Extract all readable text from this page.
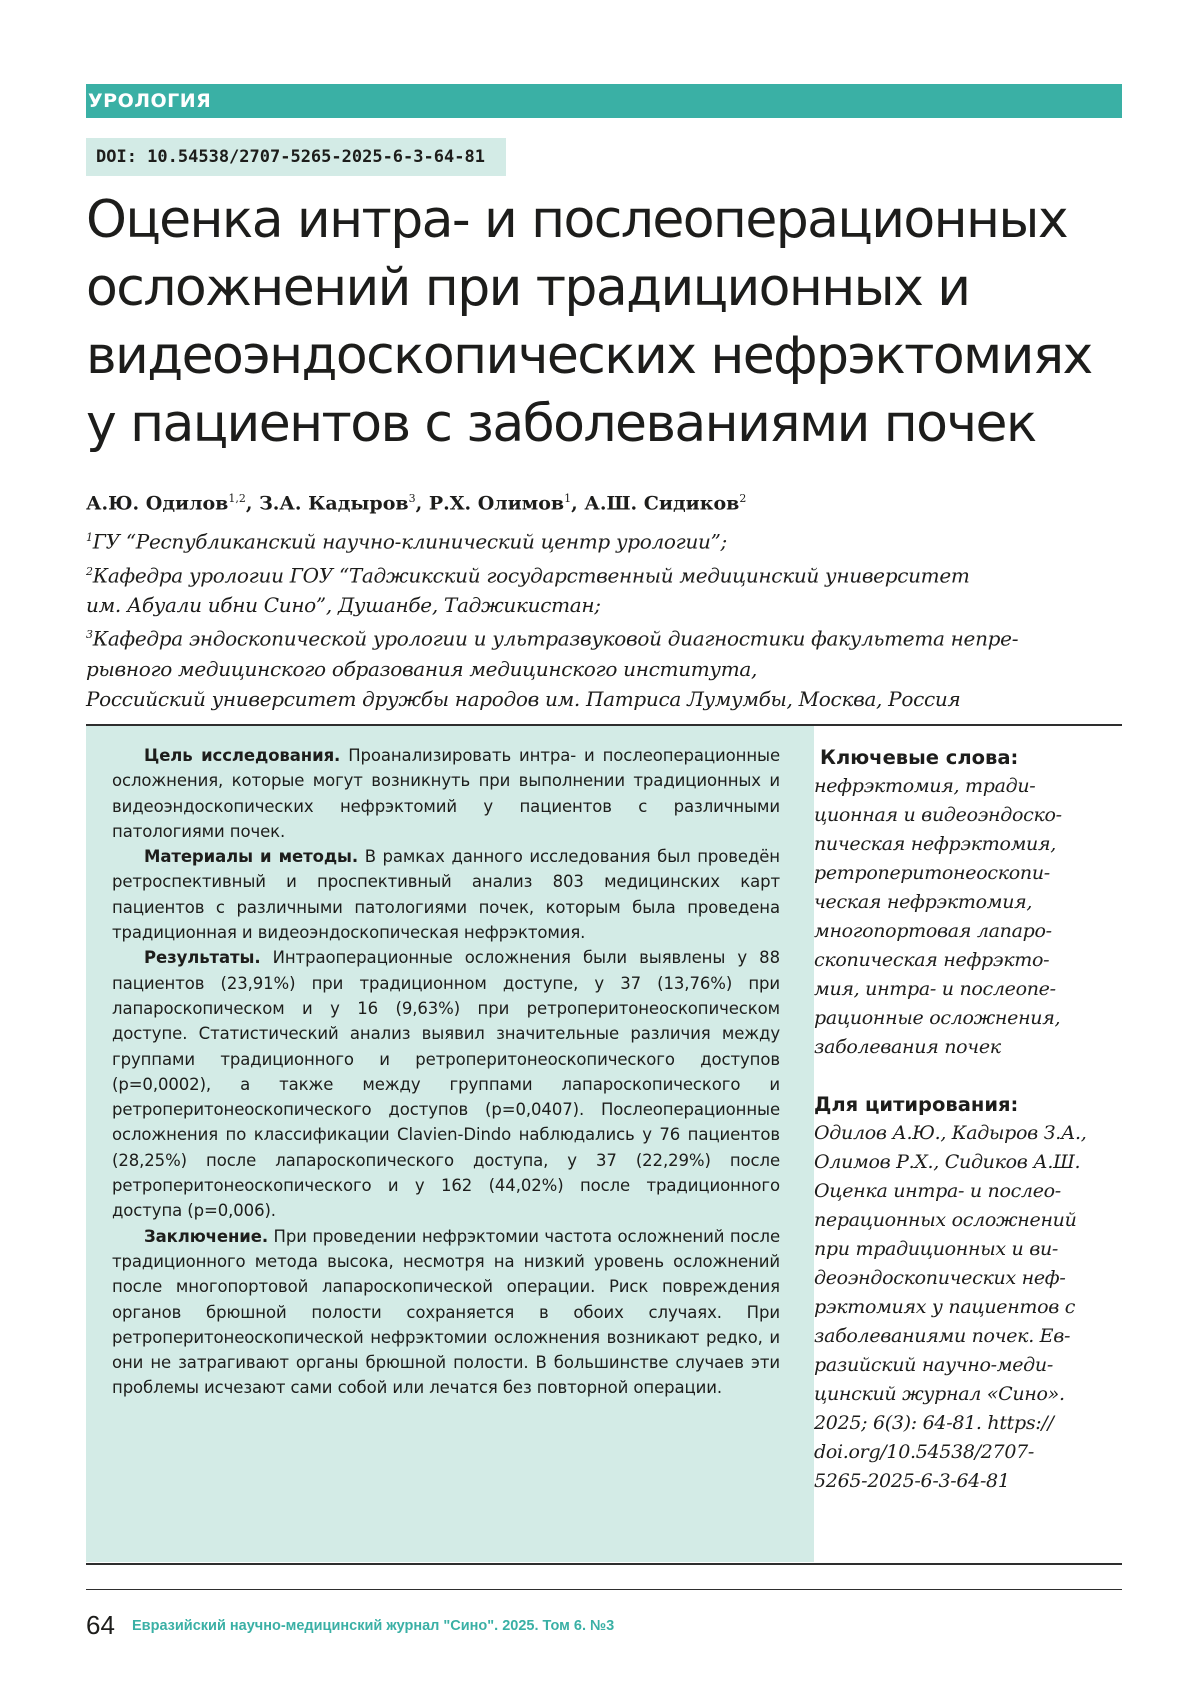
УРОЛОГИЯ
DOI: 10.54538/2707-5265-2025-6-3-64-81
Оценка интра- и послеоперационных
осложнений при традиционных и
видеоэндоскопических нефрэктомиях
у пациентов с заболеваниями почек
А.Ю. Одилов$^{1,2}$, З.А. Кадыров$^3$, Р.Х. Олимов$^1$, А.Ш. Сидиков$^2$
$^1$ГУ “Республиканский научно-клинический центр урологии”;
$^2$Кафедра урологии ГОУ “Таджикский государственный медицинский университет
им. Абуали ибни Сино”, Душанбе, Таджикистан;
$^3$Кафедра эндоскопической урологии и ультразвуковой диагностики факультета непре-
рывного медицинского образования медицинского института,
Российский университет дружбы народов им. Патриса Лумумбы, Москва, Россия

Цель исследования. Проанализировать интра- и послеоперационные осложнения, которые могут возникнуть при выполнении традиционных и видеоэндоскопических нефрэктомий у пациентов с различными патологиями почек.

Материалы и методы. В рамках данного исследования был проведён ретроспективный и проспективный анализ 803 медицинских карт пациентов с различными патологиями почек, которым была проведена традиционная и видеоэндоскопическая нефрэктомия.

Результаты. Интраоперационные осложнения были выявлены у 88 пациентов (23,91%) при традиционном доступе, у 37 (13,76%) при лапароскопическом и у 16 (9,63%) при ретроперитонеоскопическом доступе. Статистический анализ выявил значительные различия между группами традиционного и ретроперитонеоскопического доступов (p=0,0002), а также между группами лапароскопического и ретроперитонеоскопического доступов (p=0,0407). Послеоперационные осложнения по классификации Clavien-Dindo наблюдались у 76 пациентов (28,25%) после лапароскопического доступа, у 37 (22,29%) после ретроперитонеоскопического и у 162 (44,02%) после традиционного доступа (p=0,006).

Заключение. При проведении нефрэктомии частота осложнений после традиционного метода высока, несмотря на низкий уровень осложнений после многопортовой лапароскопической операции. Риск повреждения органов брюшной полости сохраняется в обоих случаях. При ретроперитонеоскопической нефрэктомии осложнения возникают редко, и они не затрагивают органы брюшной полости. В большинстве случаев эти проблемы исчезают сами собой или лечатся без повторной операции.

Ключевые слова:
нефрэктомия, тради-
ционная и видеоэндоско-
пическая нефрэктомия,
ретроперитонеоскопи-
ческая нефрэктомия,
многопортовая лапаро-
скопическая нефрэкто-
мия, интра- и послеопе-
рационные осложнения,
заболевания почек
Для цитирования:
Одилов А.Ю., Кадыров З.А.,
Олимов Р.Х., Сидиков А.Ш.
Оценка интра- и послео-
перационных осложнений
при традиционных и ви-
деоэндоскопических неф-
рэктомиях у пациентов с
заболеваниями почек. Ев-
разийский научно-меди-
цинский журнал «Сино».
2025; 6(3): 64-81. https://
doi.org/10.54538/2707-
5265-2025-6-3-64-81
64 Евразийский научно-медицинский журнал "Сино". 2025. Том 6. №3
